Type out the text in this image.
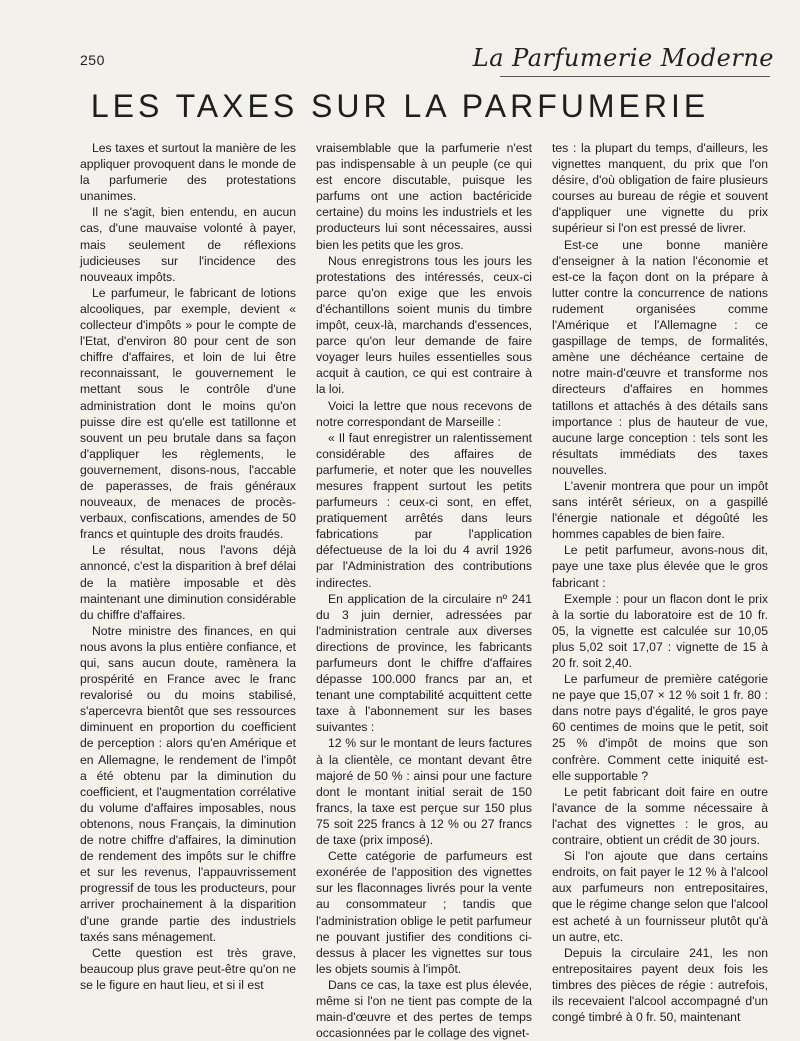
250	La Parfumerie Moderne
LES TAXES SUR LA PARFUMERIE

Les taxes et surtout la manière de les appliquer provoquent dans le monde de la parfumerie des protestations unanimes.

Il ne s'agit, bien entendu, en aucun cas, d'une mauvaise volonté à payer, mais seulement de réflexions judicieuses sur l'incidence des nouveaux impôts.

Le parfumeur, le fabricant de lotions alcooliques, par exemple, devient « collecteur d'impôts » pour le compte de l'Etat, d'environ 80 pour cent de son chiffre d'affaires, et loin de lui être reconnaissant, le gouvernement le mettant sous le contrôle d'une administration dont le moins qu'on puisse dire est qu'elle est tatillonne et souvent un peu brutale dans sa façon d'appliquer les règlements, le gouvernement, disons-nous, l'accable de paperasses, de frais généraux nouveaux, de menaces de procès-verbaux, confiscations, amendes de 50 francs et quintuple des droits fraudés.

Le résultat, nous l'avons déjà annoncé, c'est la disparition à bref délai de la matière imposable et dès maintenant une diminution considérable du chiffre d'affaires.

Notre ministre des finances, en qui nous avons la plus entière confiance, et qui, sans aucun doute, ramènera la prospérité en France avec le franc revalorisé ou du moins stabilisé, s'apercevra bientôt que ses ressources diminuent en proportion du coefficient de perception : alors qu'en Amérique et en Allemagne, le rendement de l'impôt a été obtenu par la diminution du coefficient, et l'augmentation corrélative du volume d'affaires imposables, nous obtenons, nous Français, la diminution de notre chiffre d'affaires, la diminution de rendement des impôts sur le chiffre et sur les revenus, l'appauvrissement progressif de tous les producteurs, pour arriver prochainement à la disparition d'une grande partie des industriels taxés sans ménagement.

Cette question est très grave, beaucoup plus grave peut-être qu'on ne se le figure en haut lieu, et si il est

vraisemblable que la parfumerie n'est pas indispensable à un peuple (ce qui est encore discutable, puisque les parfums ont une action bactéricide certaine) du moins les industriels et les producteurs lui sont nécessaires, aussi bien les petits que les gros.

Nous enregistrons tous les jours les protestations des intéressés, ceux-ci parce qu'on exige que les envois d'échantillons soient munis du timbre impôt, ceux-là, marchands d'essences, parce qu'on leur demande de faire voyager leurs huiles essentielles sous acquit à caution, ce qui est contraire à la loi.

Voici la lettre que nous recevons de notre correspondant de Marseille :

« Il faut enregistrer un ralentissement considérable des affaires de parfumerie, et noter que les nouvelles mesures frappent surtout les petits parfumeurs : ceux-ci sont, en effet, pratiquement arrêtés dans leurs fabrications par l'application défectueuse de la loi du 4 avril 1926 par l'Administration des contributions indirectes.

En application de la circulaire nº 241 du 3 juin dernier, adressées par l'administration centrale aux diverses directions de province, les fabricants parfumeurs dont le chiffre d'affaires dépasse 100.000 francs par an, et tenant une comptabilité acquittent cette taxe à l'abonnement sur les bases suivantes :

12 % sur le montant de leurs factures à la clientèle, ce montant devant être majoré de 50 % : ainsi pour une facture dont le montant initial serait de 150 francs, la taxe est perçue sur 150 plus 75 soit 225 francs à 12 % ou 27 francs de taxe (prix imposé).

Cette catégorie de parfumeurs est exonérée de l'apposition des vignettes sur les flaconnages livrés pour la vente au consommateur ; tandis que l'administration oblige le petit parfumeur ne pouvant justifier des conditions ci-dessus à placer les vignettes sur tous les objets soumis à l'impôt.

Dans ce cas, la taxe est plus élevée, même si l'on ne tient pas compte de la main-d'œuvre et des pertes de temps occasionnées par le collage des vignet-

tes : la plupart du temps, d'ailleurs, les vignettes manquent, du prix que l'on désire, d'où obligation de faire plusieurs courses au bureau de régie et souvent d'appliquer une vignette du prix supérieur si l'on est pressé de livrer.

Est-ce une bonne manière d'enseigner à la nation l'économie et est-ce la façon dont on la prépare à lutter contre la concurrence de nations rudement organisées comme l'Amérique et l'Allemagne : ce gaspillage de temps, de formalités, amène une déchéance certaine de notre main-d'œuvre et transforme nos directeurs d'affaires en hommes tatillons et attachés à des détails sans importance : plus de hauteur de vue, aucune large conception : tels sont les résultats immédiats des taxes nouvelles.

L'avenir montrera que pour un impôt sans intérêt sérieux, on a gaspillé l'énergie nationale et dégoûté les hommes capables de bien faire.

Le petit parfumeur, avons-nous dit, paye une taxe plus élevée que le gros fabricant :

Exemple : pour un flacon dont le prix à la sortie du laboratoire est de 10 fr. 05, la vignette est calculée sur 10,05 plus 5,02 soit 17,07 : vignette de 15 à 20 fr. soit 2,40.

Le parfumeur de première catégorie ne paye que 15,07 × 12 % soit 1 fr. 80 : dans notre pays d'égalité, le gros paye 60 centimes de moins que le petit, soit 25 % d'impôt de moins que son confrère. Comment cette iniquité est-elle supportable ?

Le petit fabricant doit faire en outre l'avance de la somme nécessaire à l'achat des vignettes : le gros, au contraire, obtient un crédit de 30 jours.

Si l'on ajoute que dans certains endroits, on fait payer le 12 % à l'alcool aux parfumeurs non entrepositaires, que le régime change selon que l'alcool est acheté à un fournisseur plutôt qu'à un autre, etc.

Depuis la circulaire 241, les non entrepositaires payent deux fois les timbres des pièces de régie : autrefois, ils recevaient l'alcool accompagné d'un congé timbré à 0 fr. 50, maintenant
